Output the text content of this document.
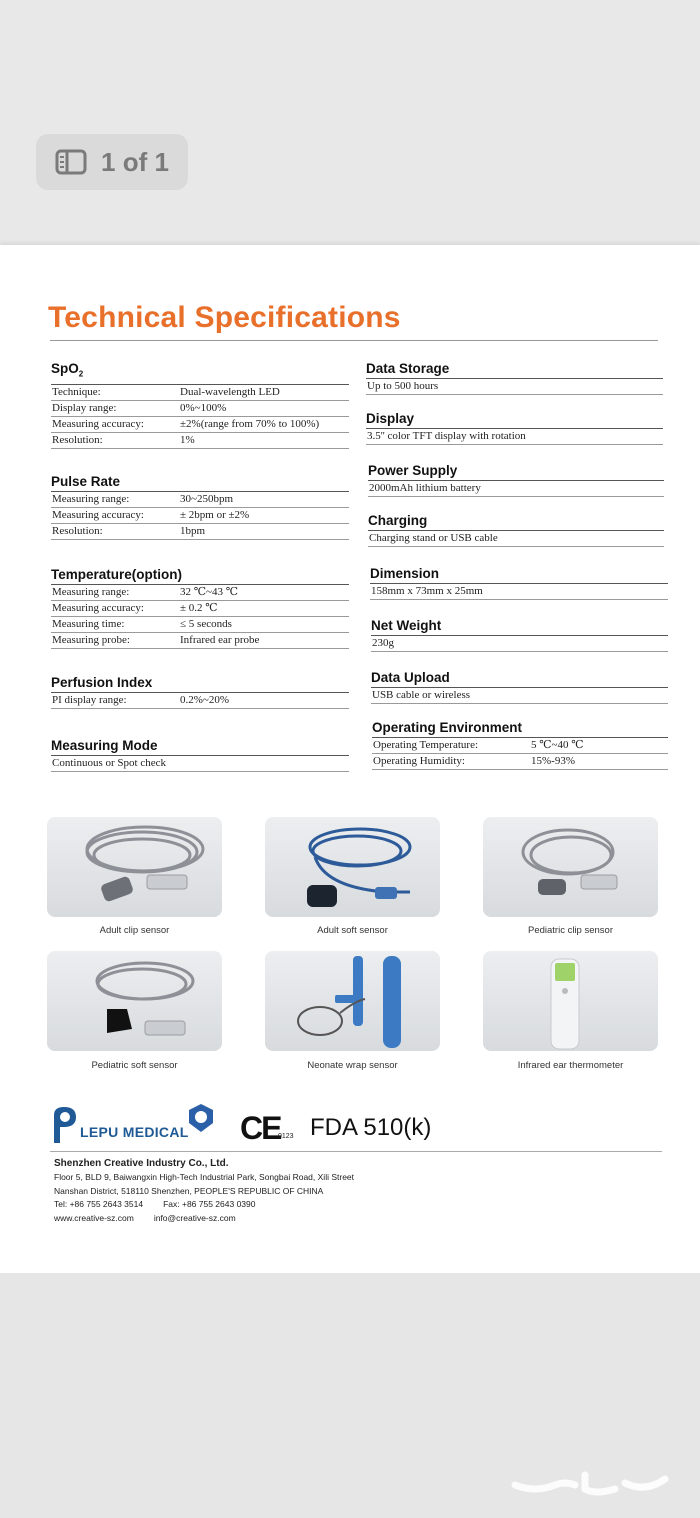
1 of 1
Technical Specifications
SpO$_2$
Technique:	Dual-wavelength LED
Display range:	0%~100%
Measuring accuracy:	±2%(range from 70% to 100%)
Resolution:	1%
Pulse Rate
Measuring range:	30~250bpm
Measuring accuracy:	± 2bpm or ±2%
Resolution:	1bpm
Temperature(option)
Measuring range:	32 ℃~43 ℃
Measuring accuracy:	± 0.2 ℃
Measuring time:	≤ 5 seconds
Measuring probe:	Infrared ear probe
Perfusion Index
PI display range:	0.2%~20%
Measuring Mode
Continuous or Spot check
Data Storage
Up to 500 hours
Display
3.5'' color TFT display with rotation
Power Supply
2000mAh lithium battery
Charging
Charging stand or USB cable
Dimension
158mm x 73mm x 25mm
Net Weight
230g
Data Upload
USB cable or wireless
Operating Environment
Operating Temperature:	5 ℃~40 ℃
Operating Humidity:	15%-93%
Adult clip sensor	Adult soft sensor	Pediatric clip sensor
Pediatric soft sensor	Neonate wrap sensor	Infrared ear thermometer
LEPU MEDICAL CE
0123 FDA 510(k)
Shenzhen Creative Industry Co., Ltd.
Floor 5, BLD 9, Baiwangxin High-Tech Industrial Park, Songbai Road, Xili Street
Nanshan District, 518110 Shenzhen, PEOPLE'S REPUBLIC OF CHINA
Tel: +86 755 2643 3514 Fax: +86 755 2643 0390
www.creative-sz.com info@creative-sz.com
